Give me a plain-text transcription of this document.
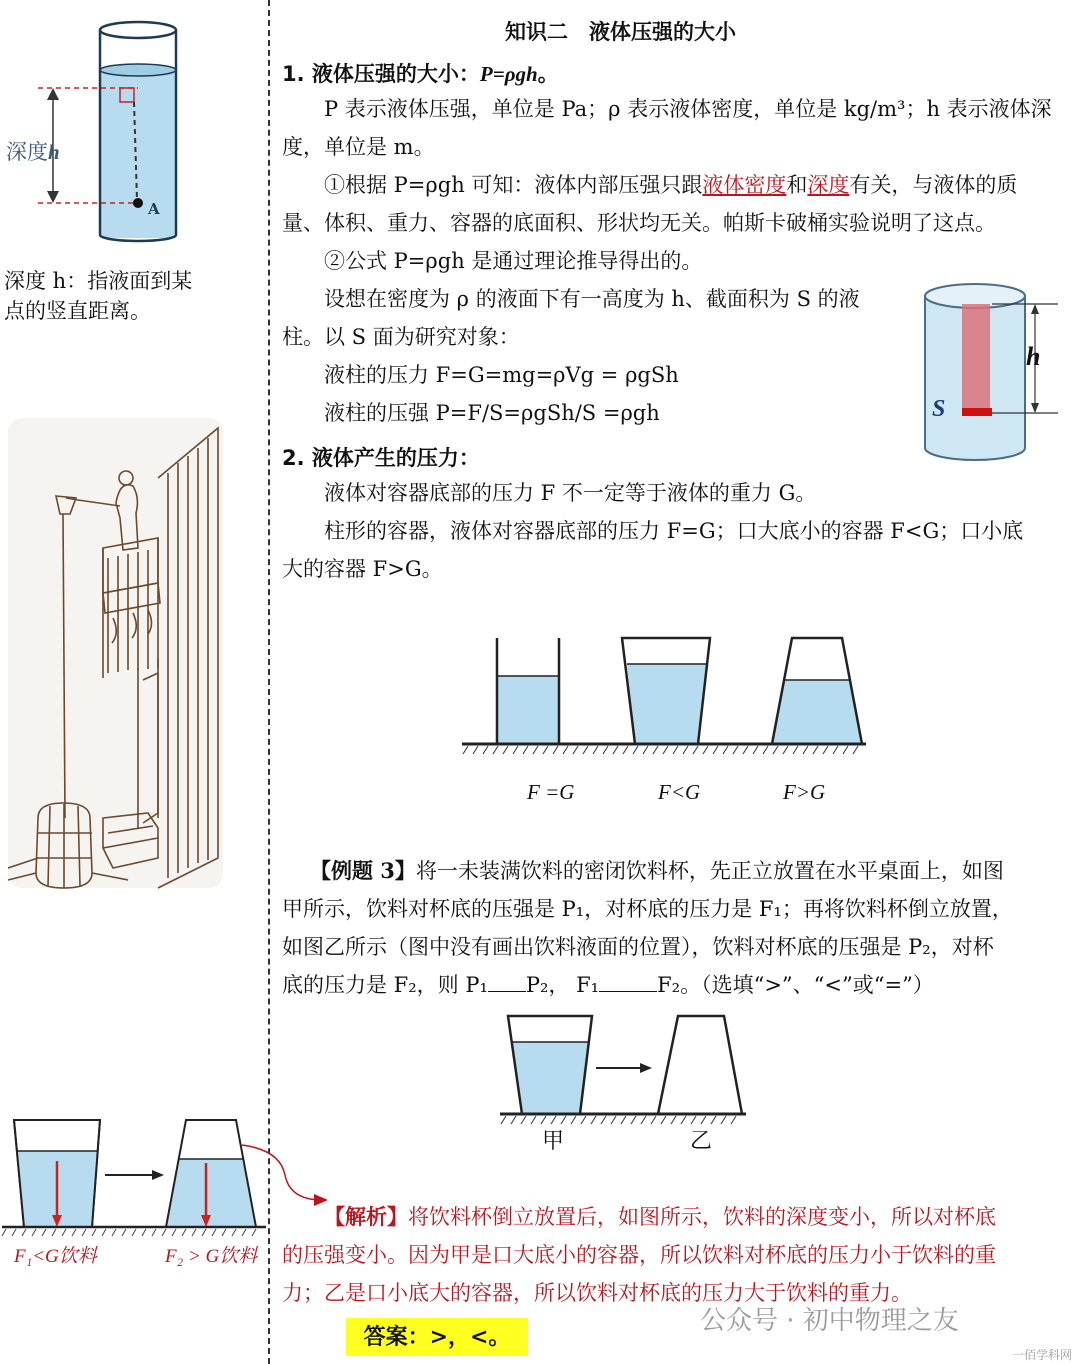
深度h
A
深度 h：指液面到某
点的竖直距离。
F₁<G饮料	F₂ > G饮料
知识二　液体压强的大小
1. 液体压强的大小：P=ρgh。
P 表示液体压强，单位是 Pa；ρ 表示液体密度，单位是 kg/m³；h 表示液体深
度，单位是 m。
①根据 P=ρgh 可知：液体内部压强只跟液体密度和深度有关，与液体的质
量、体积、重力、容器的底面积、形状均无关。帕斯卡破桶实验说明了这点。
②公式 P=ρgh 是通过理论推导得出的。
设想在密度为 ρ 的液面下有一高度为 h、截面积为 S 的液
柱。以 S 面为研究对象：
液柱的压力 F=G=mg=ρVg = ρgSh
液柱的压强 P=F/S=ρgSh/S =ρgh
h
S
2. 液体产生的压力：
液体对容器底部的压力 F 不一定等于液体的重力 G。
柱形的容器，液体对容器底部的压力 F=G；口大底小的容器 F<G；口小底
大的容器 F>G。
F =G	F<G	F>G
【例题 3】将一未装满饮料的密闭饮料杯，先正立放置在水平桌面上，如图
甲所示，饮料对杯底的压强是 P₁，对杯底的压力是 F₁；再将饮料杯倒立放置，
如图乙所示（图中没有画出饮料液面的位置），饮料对杯底的压强是 P₂，对杯
底的压力是 F₂，则 P₁ P₂， F₁	F₂。（选填“>”、“<”或“=”）
甲	乙
【解析】将饮料杯倒立放置后，如图所示，饮料的深度变小，所以对杯底
的压强变小。因为甲是口大底小的容器，所以饮料对杯底的压力小于饮料的重
力；乙是口小底大的容器，所以饮料对杯底的压力大于饮料的重力。
答案：>，<。
公众号 · 初中物理之友
一佰学科网
